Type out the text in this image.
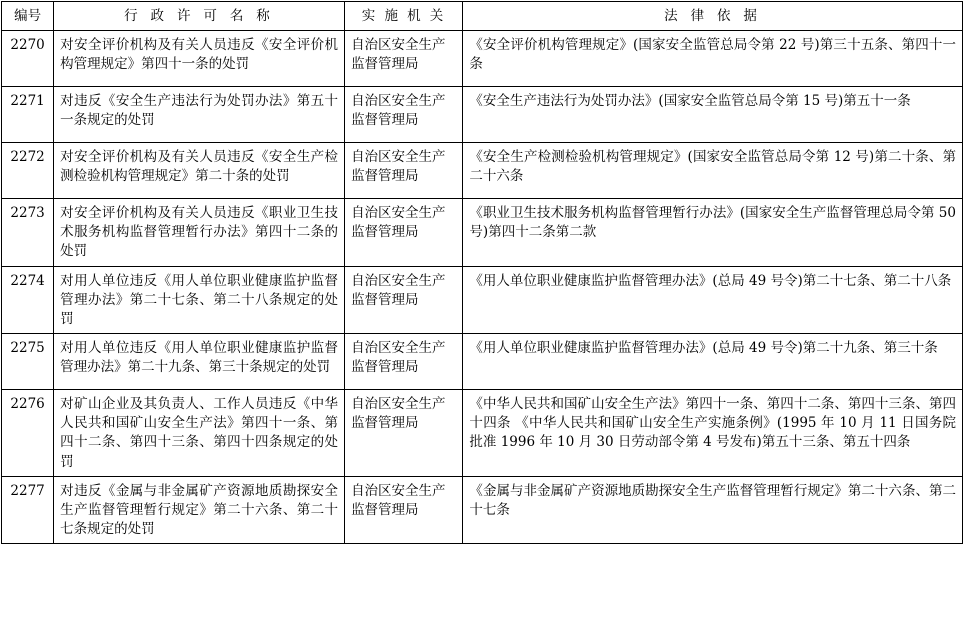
编号	行 政 许 可 名 称	实 施 机 关	法 律 依 据
2270	对安全评价机构及有关人员违反《安全评价机构管理规定》第四十一条的处罚	自治区安全生产监督管理局	《安全评价机构管理规定》(国家安全监管总局令第 22 号)第三十五条、第四十一条
2271	对违反《安全生产违法行为处罚办法》第五十一条规定的处罚	自治区安全生产监督管理局	《安全生产违法行为处罚办法》(国家安全监管总局令第 15 号)第五十一条
2272	对安全评价机构及有关人员违反《安全生产检测检验机构管理规定》第二十条的处罚	自治区安全生产监督管理局	《安全生产检测检验机构管理规定》(国家安全监管总局令第 12 号)第二十条、第二十六条
2273	对安全评价机构及有关人员违反《职业卫生技术服务机构监督管理暂行办法》第四十二条的处罚	自治区安全生产监督管理局	《职业卫生技术服务机构监督管理暂行办法》(国家安全生产监督管理总局令第 50 号)第四十二条第二款
2274	对用人单位违反《用人单位职业健康监护监督管理办法》第二十七条、第二十八条规定的处罚	自治区安全生产监督管理局	《用人单位职业健康监护监督管理办法》(总局 49 号令)第二十七条、第二十八条
2275	对用人单位违反《用人单位职业健康监护监督管理办法》第二十九条、第三十条规定的处罚	自治区安全生产监督管理局	《用人单位职业健康监护监督管理办法》(总局 49 号令)第二十九条、第三十条
2276	对矿山企业及其负责人、工作人员违反《中华人民共和国矿山安全生产法》第四十一条、第四十二条、第四十三条、第四十四条规定的处罚	自治区安全生产监督管理局	《中华人民共和国矿山安全生产法》第四十一条、第四十二条、第四十三条、第四十四条 《中华人民共和国矿山安全生产实施条例》(1995 年 10 月 11 日国务院批准 1996 年 10 月 30 日劳动部令第 4 号发布)第五十三条、第五十四条
2277	对违反《金属与非金属矿产资源地质勘探安全生产监督管理暂行规定》第二十六条、第二十七条规定的处罚	自治区安全生产监督管理局	《金属与非金属矿产资源地质勘探安全生产监督管理暂行规定》第二十六条、第二十七条
